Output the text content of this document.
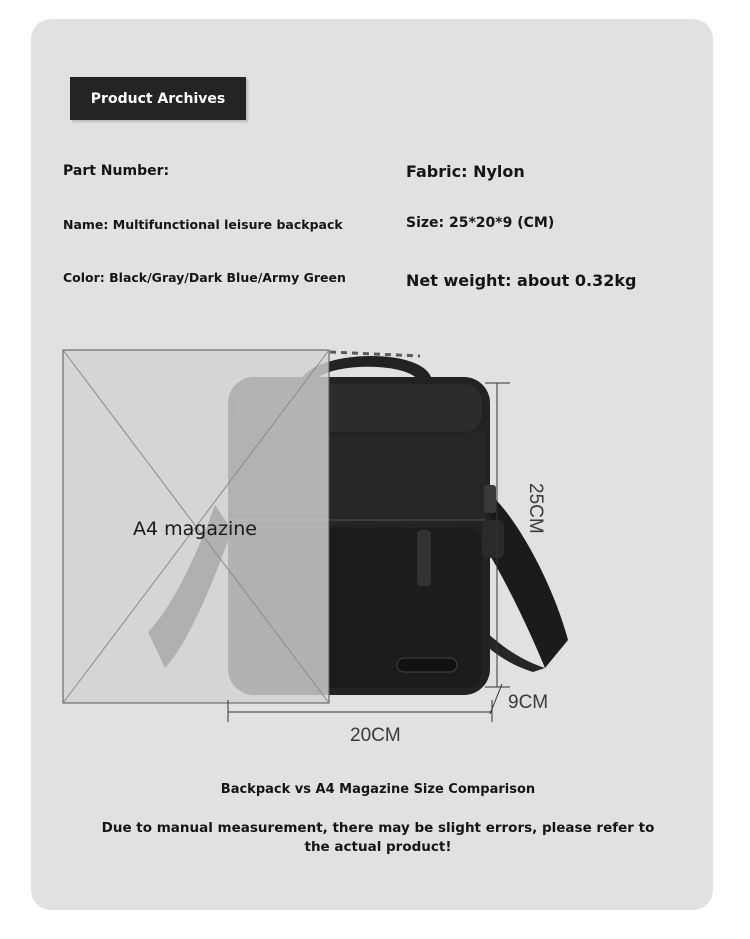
Product Archives
Part Number:	Fabric: Nylon
Name: Multifunctional leisure backpack	Size: 25*20*9 (CM)
Color: Black/Gray/Dark Blue/Army Green	Net weight: about 0.32kg
A4 magazine	25CM
20CM
9CM
Backpack vs A4 Magazine Size Comparison
Due to manual measurement, there may be slight errors, please refer to the actual product!
